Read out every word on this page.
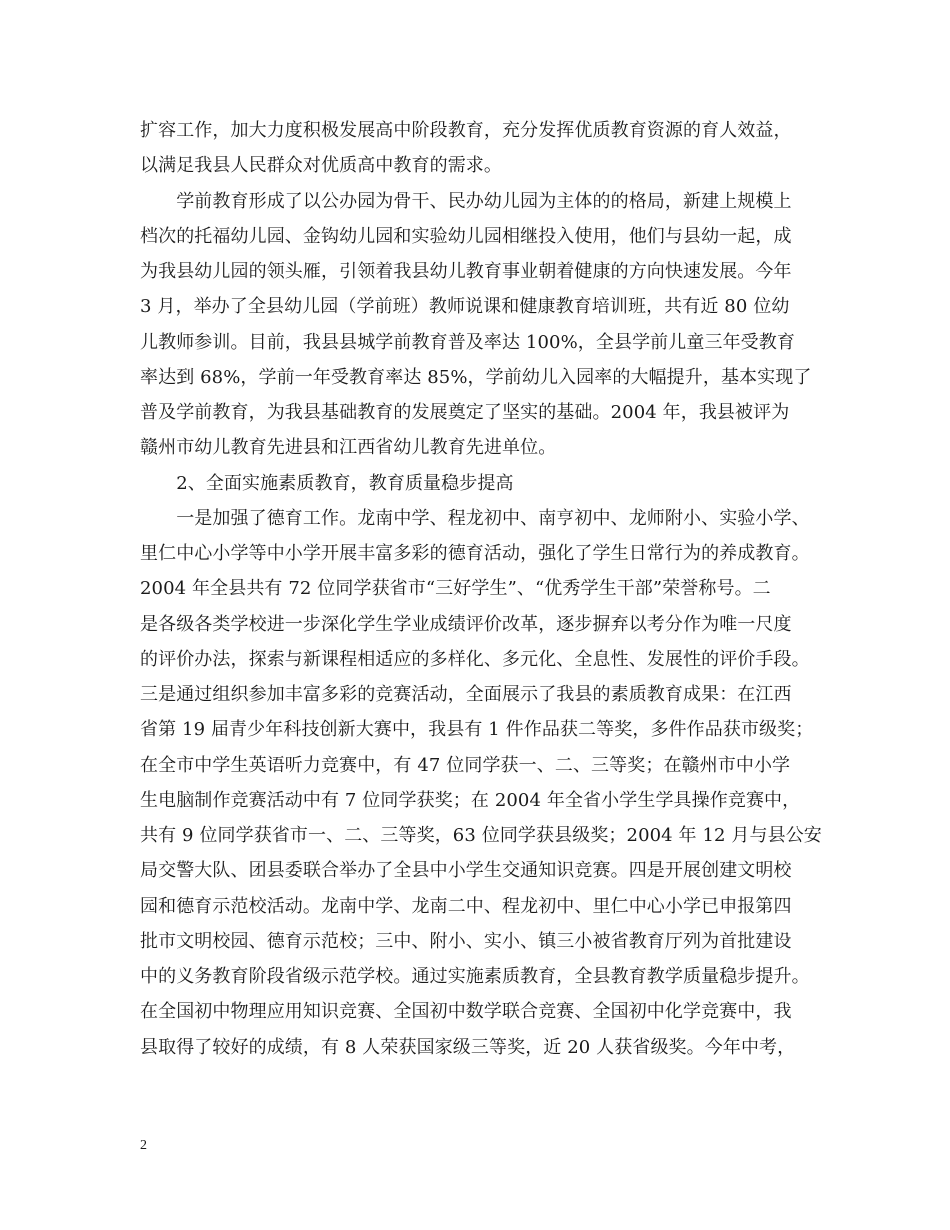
扩容工作，加大力度积极发展高中阶段教育，充分发挥优质教育资源的育人效益，
以满足我县人民群众对优质高中教育的需求。
　　学前教育形成了以公办园为骨干、民办幼儿园为主体的的格局，新建上规模上
档次的托福幼儿园、金钩幼儿园和实验幼儿园相继投入使用，他们与县幼一起，成
为我县幼儿园的领头雁，引领着我县幼儿教育事业朝着健康的方向快速发展。今年
3 月，举办了全县幼儿园（学前班）教师说课和健康教育培训班，共有近 80 位幼
儿教师参训。目前，我县县城学前教育普及率达 100%，全县学前儿童三年受教育
率达到 68%，学前一年受教育率达 85%，学前幼儿入园率的大幅提升，基本实现了
普及学前教育，为我县基础教育的发展奠定了坚实的基础。2004 年，我县被评为
赣州市幼儿教育先进县和江西省幼儿教育先进单位。
　　2、全面实施素质教育，教育质量稳步提高
　　一是加强了德育工作。龙南中学、程龙初中、南亨初中、龙师附小、实验小学、
里仁中心小学等中小学开展丰富多彩的德育活动，强化了学生日常行为的养成教育。
2004 年全县共有 72 位同学获省市“三好学生”、“优秀学生干部”荣誉称号。二
是各级各类学校进一步深化学生学业成绩评价改革，逐步摒弃以考分作为唯一尺度
的评价办法，探索与新课程相适应的多样化、多元化、全息性、发展性的评价手段。
三是通过组织参加丰富多彩的竞赛活动，全面展示了我县的素质教育成果：在江西
省第 19 届青少年科技创新大赛中，我县有 1 件作品获二等奖，多件作品获市级奖；
在全市中学生英语听力竞赛中，有 47 位同学获一、二、三等奖；在赣州市中小学
生电脑制作竞赛活动中有 7 位同学获奖；在 2004 年全省小学生学具操作竞赛中，
共有 9 位同学获省市一、二、三等奖，63 位同学获县级奖；2004 年 12 月与县公安
局交警大队、团县委联合举办了全县中小学生交通知识竞赛。四是开展创建文明校
园和德育示范校活动。龙南中学、龙南二中、程龙初中、里仁中心小学已申报第四
批市文明校园、德育示范校；三中、附小、实小、镇三小被省教育厅列为首批建设
中的义务教育阶段省级示范学校。通过实施素质教育，全县教育教学质量稳步提升。
在全国初中物理应用知识竞赛、全国初中数学联合竞赛、全国初中化学竞赛中，我
县取得了较好的成绩，有 8 人荣获国家级三等奖，近 20 人获省级奖。今年中考，
2
